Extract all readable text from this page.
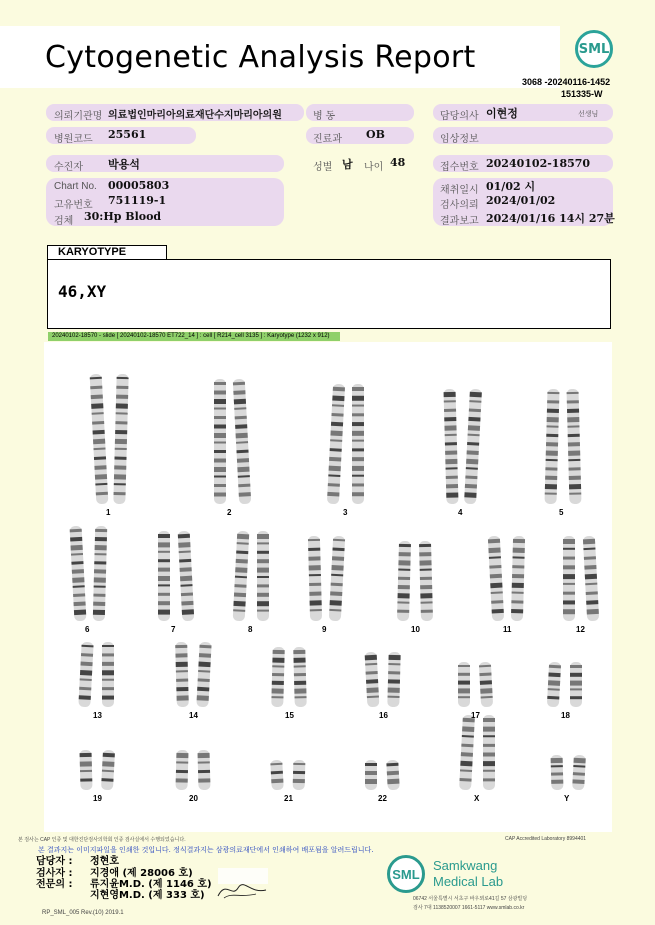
Cytogenetic Analysis Report	SML
3068 -20240116-1452
151335-W
의뢰기관명 의료법인마리아의료재단수지마리아의원	병 동	담당의사 이현정	선생님
병원코드 25561	진료과 OB	임상정보
수진자 박용석	성별 남 나이 48	접수번호 20240102-18570
Chart No. 00005803
고유번호 751119-1
검체 30:Hp Blood
채취일시 01/02 시
검사의뢰 2024/01/02
결과보고 2024/01/16 14시 27분
KARYOTYPE
46,XY
20240102-18570 - slide [ 20240102-18570 ET722_14 ] : cell [ R214_cell 3135 ] : Karyotype (1232 x 912)
1	2	3	4	5
6	7	8	9	10	11	12
13	14	15	16	17	18
19	20	21	22	X	Y
본 검사는 CAP 인증 및 대한진단검사의학회 인증 검사실에서 수행되었습니다.	CAP Accredited Laboratory 8994401
본 결과지는 이미지파일을 인쇄한 것입니다. 정식결과지는 삼광의료재단에서 인쇄하여 배포됨을 알려드립니다.
담당자 : 정현호
검사자 : 지경애 (제 28006 호)
전문의 : 류지윤M.D. (제 1146 호)
지현영M.D. (제 333 호)
RP_SML_005 Rev.(10) 2019.1
SML
Samkwang
Medical Lab
06742 서울특별시 서초구 바우뫼로41길 57 삼광빌딩
검사 7대 1138520007 1661-5117 www.smlab.co.kr
